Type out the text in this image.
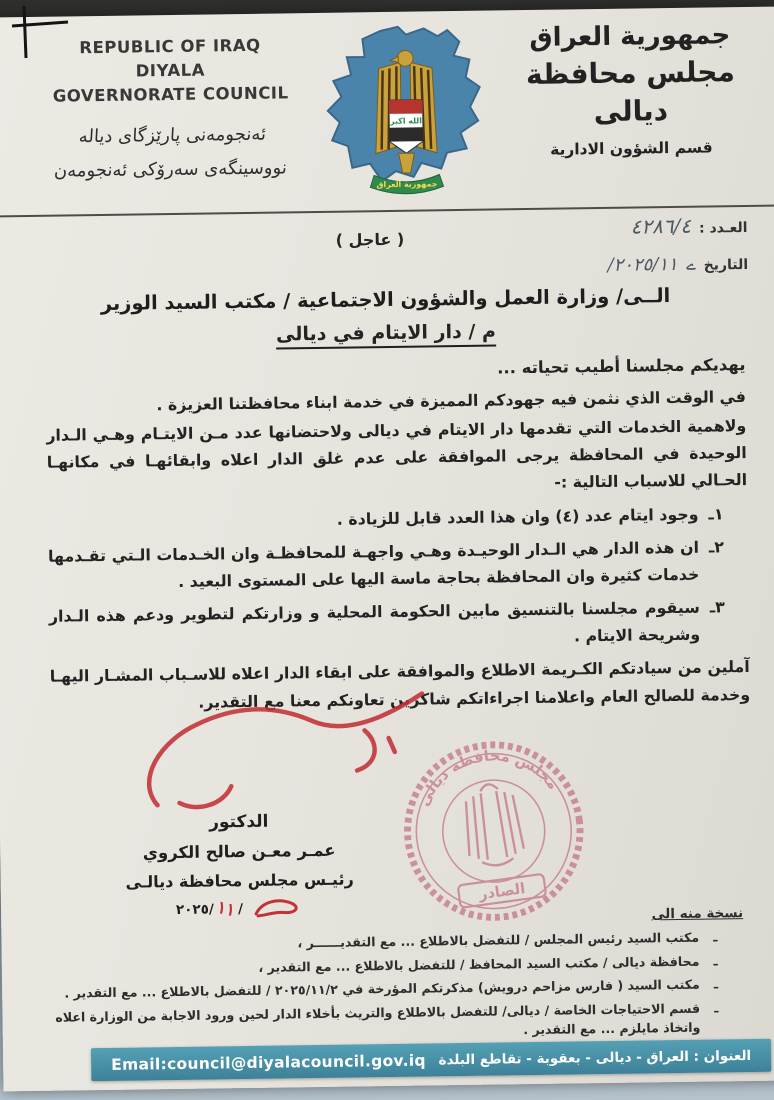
REPUBLIC OF IRAQ
DIYALA
GOVERNORATE COUNCIL
ئەنجومەنی پارێزگای دیاله
نووسینگەی سەرۆکی ئەنجومەن
الله اكبر
جمهورية العراق
جمهورية العراق
مجلس محافظة ديالى
قسم الشؤون الادارية
العـدد :
٤٢٨٦/٤
التاريخ
ے
٢٠٢٥/١١/
( عاجل )
الــى/ وزارة العمل والشؤون الاجتماعية / مكتب السيد الوزير
م / دار الايتام في ديالى
يهديكم مجلسنا أطيب تحياته ...

في الوقت الذي نثمن فيه جهودكم المميزة في خدمة ابناء محافظتنا العزيزة .

ولاهمية الخدمات التي تقدمها دار الايتام في ديالى ولاحتضانها عدد مـن الايتـام وهـي الـدار الوحيدة في المحافظة يرجى الموافقة على عدم غلق الدار اعلاه وابقائهـا في مكانهـا الحـالي للاسباب التالية :-

١ـ
وجود ايتام عدد (٤) وان هذا العدد قابل للزيادة .
٢ـ
ان هذه الدار هي الـدار الوحيـدة وهـي واجهـة للمحافظـة وان الخـدمات الـتي تقـدمها خدمات كثيرة وان المحافظة بحاجة ماسة اليها على المستوى البعيد .
٣ـ
سيقوم مجلسنا بالتنسيق مابين الحكومة المحلية و وزارتكم لتطوير ودعم هذه الـدار وشريحة الايتام .

آملين من سيادتكم الكـريمة الاطلاع والموافقة على ابقاء الدار اعلاه للاسـباب المشـار اليهـا وخدمة للصالح العام واعلامنا اجراءاتكم شاكرين تعاونكم معنا مع التقدير.

الدكتور
عمـر معـن صالح الكروي
رئيـس مجلس محافظة ديالـى
٢٠٢٥/ ١١ /
مجلس محافظة ديالى
الصادر
نسخة منه الى
ـ
مكتب السيد رئيس المجلس / للتفضل بالاطلاع ... مع التقديــــــر ،
ـ
محافظة ديالى / مكتب السيد المحافظ / للتفضل بالاطلاع ... مع التقدير ،
ـ
مكتب السيد ( فارس مزاحم درويش) مذكرتكم المؤرخة في ٢٠٢٥/١١/٢ / للتفضل بالاطلاع ... مع التقدير .
ـ
قسم الاحتياجات الخاصة / ديالى/ للتفضل بالاطلاع والتريث بأخلاء الدار لحين ورود الاجابة من الوزارة اعلاه واتخاذ مايلزم ... مع التقدير .
Email:council@diyalacouncil.gov.iq العنوان : العراق - ديالى - بعقوبة - تقاطع البلدة
